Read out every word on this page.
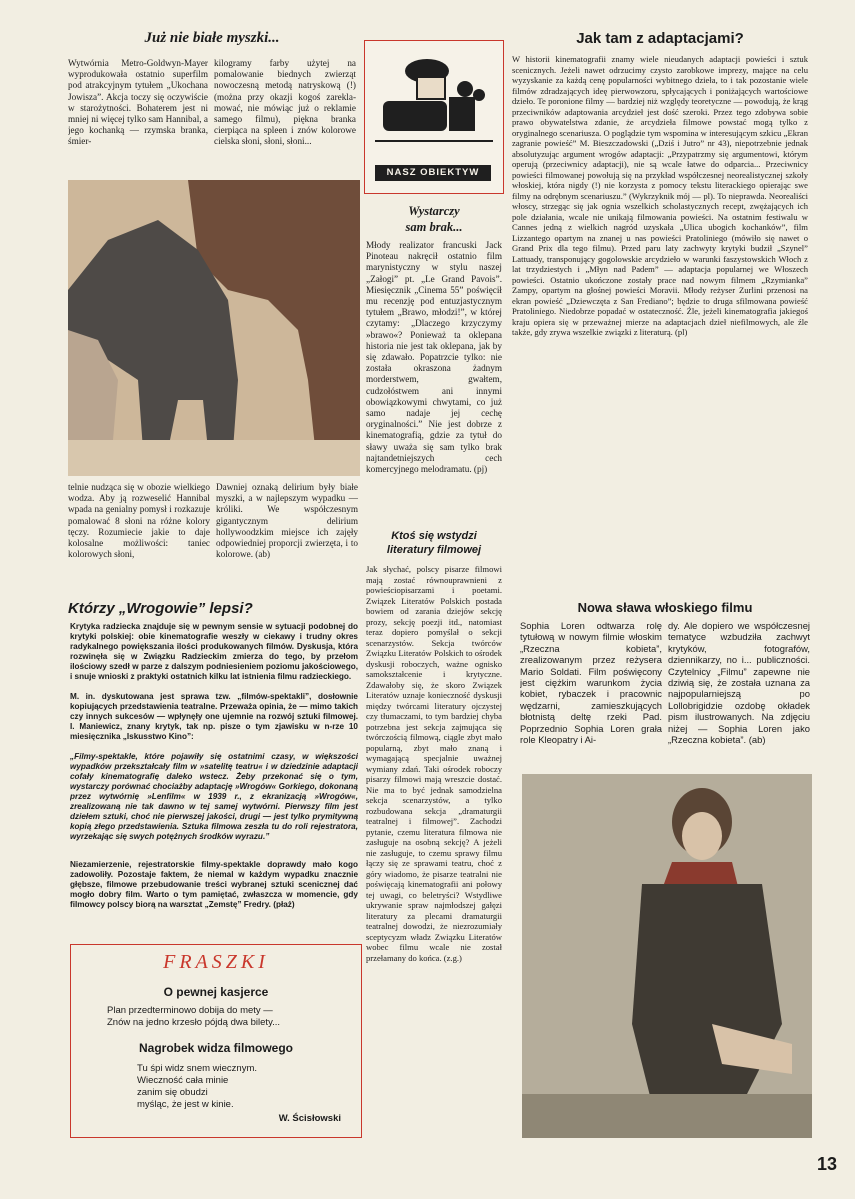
Już nie białe myszki...
Wytwórnia Metro-Goldwyn-Mayer wyprodukowała ostatnio superfilm pod atrakcyjnym tytułem „Ukochana Jowisza”. Akcja toczy się oczywiście w starożytności. Bohaterem jest ni mniej ni więcej tylko sam Hannibal, a jego kochanką — rzymska branka, śmier-
kilogramy farby użytej na pomalowanie biednych zwierząt nowoczesną metodą natryskową (!) (można przy okazji kogoś zareklamować, nie mówiąc już o reklamie samego filmu), piękna branka cierpiąca na spleen i znów kolorowe cielska słoni, słoni, słoni...
telnie nudząca się w obozie wielkiego wodza. Aby ją rozweselić Hannibal wpada na genialny pomysł i rozkazuje pomalować 8 słoni na różne kolory tęczy. Rozumiecie jakie to daje kolosalne możliwości: taniec kolorowych słoni,
Dawniej oznaką delirium były białe myszki, a w najlepszym wypadku — króliki. We współczesnym gigantycznym delirium hollywoodzkim miejsce ich zajęły odpowiedniej proporcji zwierzęta, i to kolorowe. (ab)
NASZ OBIEKTYW
Wystarczy
sam brak...
Młody realizator francuski Jack Pinoteau nakręcił ostatnio film marynistyczny w stylu naszej „Załogi” pt. „Le Grand Pavois”. Miesięcznik „Cinema 55” poświęcił mu recenzję pod entuzjastycznym tytułem „Brawo, młodzi!”, w której czytamy: „Dlaczego krzyczymy »brawo«? Ponieważ ta oklepana historia nie jest tak oklepana, jak by się zdawało. Popatrzcie tylko: nie została okraszona żadnym morderstwem, gwałtem, cudzołóstwem ani innymi obowiązkowymi chwytami, co już samo nadaje jej cechę oryginalności.” Nie jest dobrze z kinematografią, gdzie za tytuł do sławy uważa się sam tylko brak najtandetniejszych cech komercyjnego melodramatu. (pj)
Ktoś się wstydzi
literatury filmowej
Jak słychać, polscy pisarze filmowi mają zostać równouprawnieni z powieściopisarzami i poetami. Związek Literatów Polskich postada bowiem od zarania dziejów sekcję prozy, sekcję poezji itd., natomiast teraz dopiero pomyślał o sekcji scenarzystów. Sekcja twórców Związku Literatów Polskich to ośrodek dyskusji roboczych, ważne ognisko samokształcenie i krytyczne. Zdawałoby się, że skoro Związek Literatów uznaje konieczność dyskusji między twórcami literatury ojczystej czy tłumaczami, to tym bardziej chyba potrzebna jest sekcja zajmująca się twórczością filmową, ciągle zbyt mało popularną, zbyt mało znaną i wymagającą specjalnie uważnej wymiany zdań. Taki ośrodek roboczy pisarzy filmowi mają wreszcie dostać. Nie ma to być jednak samodzielna sekcja scenarzystów, a tylko rozbudowana sekcja „dramaturgii teatralnej i filmowej”. Zachodzi pytanie, czemu literatura filmowa nie zasługuje na osobną sekcję? A jeżeli nie zasługuje, to czemu sprawy filmu łączy się ze sprawami teatru, choć z góry wiadomo, że pisarze teatralni nie poświęcają kinematografii ani połowy tej uwagi, co beletryści? Wstydliwe ukrywanie spraw najmłodszej gałęzi literatury za plecami dramaturgii teatralnej dowodzi, że niezrozumiały sceptycyzm władz Związku Literatów wobec filmu wcale nie został przełamany do końca. (z.g.)
Jak tam z adaptacjami?
W historii kinematografii znamy wiele nieudanych adaptacji powieści i sztuk scenicznych. Jeżeli nawet odrzucimy czysto zarobkowe imprezy, mające na celu wyzyskanie za każdą cenę popularności wybitnego dzieła, to i tak pozostanie wiele filmów zdradzających ideę pierwowzoru, spłycających i poniżających wartościowe dzieło. Te poronione filmy — bardziej niż względy teoretyczne — powodują, że krąg przeciwników adaptowania arcydzieł jest dość szeroki. Przez tego zdobywa sobie prawo obywatelstwa zdanie, że arcydzieła filmowe powstać mogą tylko z oryginalnego scenariusza. O poglądzie tym wspomina w interesującym szkicu „Ekran zagranie powieść” M. Bieszczadowski („Dziś i Jutro” nr 43), niepotrzebnie jednak absolutyzując argument wrogów adaptacji: „Przypatrzmy się argumentowi, którym operują (przeciwnicy adaptacji), nie są wcale łatwe do odparcia... Przeciwnicy powieści filmowanej powołują się na przykład współczesnej neorealistycznej szkoły włoskiej, która nigdy (!) nie korzysta z pomocy tekstu literackiego opierając swe filmy na odrębnym scenariuszu.” (Wykrzyknik mój — pl). To nieprawda. Neorealiści włoscy, strzegąc się jak ognia wszelkich scholastycznych recept, zwężających ich pole działania, wcale nie unikają filmowania powieści. Na ostatnim festiwalu w Cannes jedną z wielkich nagród uzyskała „Ulica ubogich kochanków”, film Lizzantego opartym na znanej u nas powieści Pratoliniego (mówiło się nawet o Grand Prix dla tego filmu). Przed paru laty zachwyty krytyki budził „Szynel” Lattuady, transponujący gogolowskie arcydzieło w warunki faszystowskich Włoch z lat trzydziestych i „Młyn nad Padem” — adaptacja popularnej we Włoszech powieści. Ostatnio ukończone zostały prace nad nowym filmem „Rzymianka” Zampy, opartym na głośnej powieści Moravii. Młody reżyser Zurlini przenosi na ekran powieść „Dziewczęta z San Frediano”; będzie to druga sfilmowana powieść Pratoliniego. Niedobrze popadać w ostateczność. Źle, jeżeli kinematografia jakiegoś kraju opiera się w przeważnej mierze na adaptacjach dzieł niefilmowych, ale źle także, gdy zrywa wszelkie związki z literaturą. (pl)
Którzy „Wrogowie” lepsi?
Krytyka radziecka znajduje się w pewnym sensie w sytuacji podobnej do krytyki polskiej: obie kinematografie weszły w ciekawy i trudny okres radykalnego powiększania ilości produkowanych filmów. Dyskusja, która rozwinęła się w Związku Radzieckim zmierza do tego, by przełom ilościowy szedł w parze z dalszym podniesieniem poziomu jakościowego, i snuje wnioski z praktyki ostatnich kilku lat istnienia filmu radzieckiego.
M. in. dyskutowana jest sprawa tzw. „filmów-spektakli”, dosłownie kopiujących przedstawienia teatralne. Przeważa opinia, że — mimo takich czy innych sukcesów — wpłynęły one ujemnie na rozwój sztuki filmowej. I. Maniewicz, znany krytyk, tak np. pisze o tym zjawisku w n-rze 10 miesięcznika „Iskusstwo Kino”:
„Filmy-spektakle, które pojawiły się ostatnimi czasy, w większości wypadków przekształcały film w »satelitę teatru« i w dziedzinie adaptacji cofały kinematografię daleko wstecz. Żeby przekonać się o tym, wystarczy porównać chociażby adaptację »Wrogów« Gorkiego, dokonaną przez wytwórnię »Lenfilm« w 1939 r., z ekranizacją »Wrogów«, zrealizowaną nie tak dawno w tej samej wytwórni. Pierwszy film jest dziełem sztuki, choć nie pierwszej jakości, drugi — jest tylko prymitywną kopią złego przedstawienia. Sztuka filmowa zeszła tu do roli rejestratora, wyrzekając się swych potężnych środków wyrazu.”
Niezamierzenie, rejestratorskie filmy-spektakle doprawdy mało kogo zadowoliły. Pozostaje faktem, że niemal w każdym wypadku znacznie głębsze, filmowe przebudowanie treści wybranej sztuki scenicznej dać mogło dobry film. Warto o tym pamiętać, zwłaszcza w momencie, gdy filmowcy polscy biorą na warsztat „Zemstę” Fredry. (płaż)
FRASZKI
O pewnej kasjerce
Plan przedterminowo dobija do mety —
Znów na jedno krzesło pójdą dwa bilety...
Nagrobek widza filmowego
Tu śpi widz snem wiecznym.
Wieczność cała minie
zanim się obudzi
myśląc, że jest w kinie.
W. Ścisłowski
Nowa sława włoskiego filmu
Sophia Loren odtwarza rolę tytułową w nowym filmie włoskim „Rzeczna kobieta”, zrealizowanym przez reżysera Mario Soldati. Film poświęcony jest ciężkim warunkom życia kobiet, rybaczek i pracownic wędzarni, zamieszkujących błotnistą deltę rzeki Pad. Poprzednio Sophia Loren grała role Kleopatry i Ai-
dy. Ale dopiero we współczesnej tematyce wzbudziła zachwyt krytyków, fotografów, dziennikarzy, no i... publiczności. Czytelnicy „Filmu” zapewne nie dziwią się, że została uznana za najpopularniejszą po Lollobrigidzie ozdobę okładek pism ilustrowanych. Na zdjęciu niżej — Sophia Loren jako „Rzeczna kobieta”. (ab)
13
